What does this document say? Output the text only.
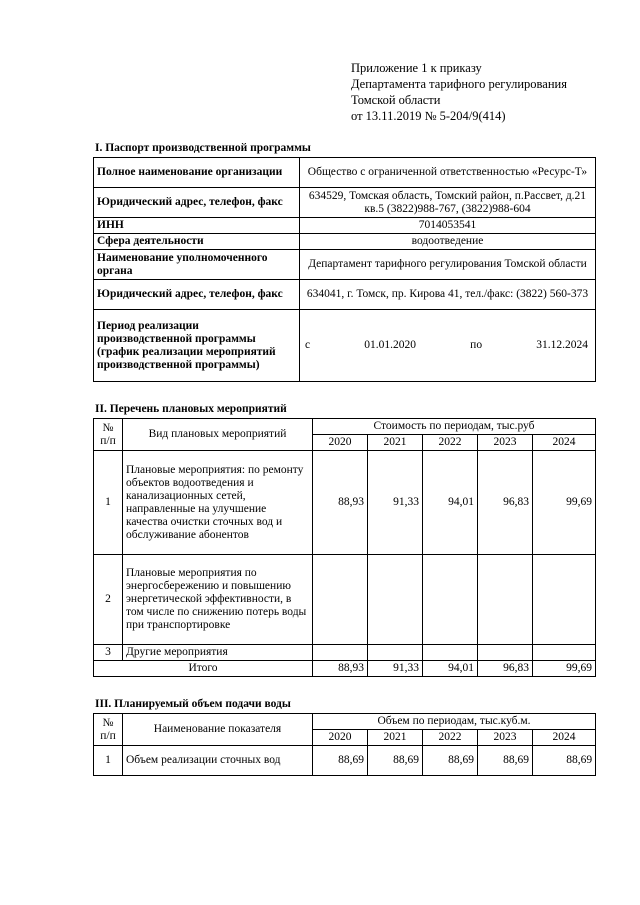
Приложение 1 к приказу
Департамента тарифного регулирования
Томской области
от 13.11.2019 № 5-204/9(414)
I. Паспорт производственной программы
Полное наименование организации	Общество с ограниченной ответственностью «Ресурс-Т»
Юридический адрес, телефон, факс	634529, Томская область, Томский район, п.Рассвет, д.21 кв.5 (3822)988-767, (3822)988-604
ИНН	7014053541
Сфера деятельности	водоотведение
Наименование уполномоченного органа	Департамент тарифного регулирования Томской области
Юридический адрес, телефон, факс	634041, г. Томск, пр. Кирова 41, тел./факс: (3822) 560-373
Период реализации производственной программы (график реализации мероприятий производственной программы)	с 01.01.2020 по 31.12.2024
II. Перечень плановых мероприятий
№ п/п	Вид плановых мероприятий	Стоимость по периодам, тыс.руб				
		2020	2021	2022	2023	2024
1	Плановые мероприятия: по ремонту объектов водоотведения и канализационных сетей, направленные на улучшение качества очистки сточных вод и обслуживание абонентов	88,93	91,33	94,01	96,83	99,69
2	Плановые мероприятия по энергосбережению и повышению энергетической эффективности, в том числе по снижению потерь воды при транспортировке					
3	Другие мероприятия					
Итого		88,93	91,33	94,01	96,83	99,69
III. Планируемый объем подачи воды
№ п/п	Наименование показателя	Объем по периодам, тыс.куб.м.				
		2020	2021	2022	2023	2024
1	Объем реализации сточных вод	88,69	88,69	88,69	88,69	88,69
